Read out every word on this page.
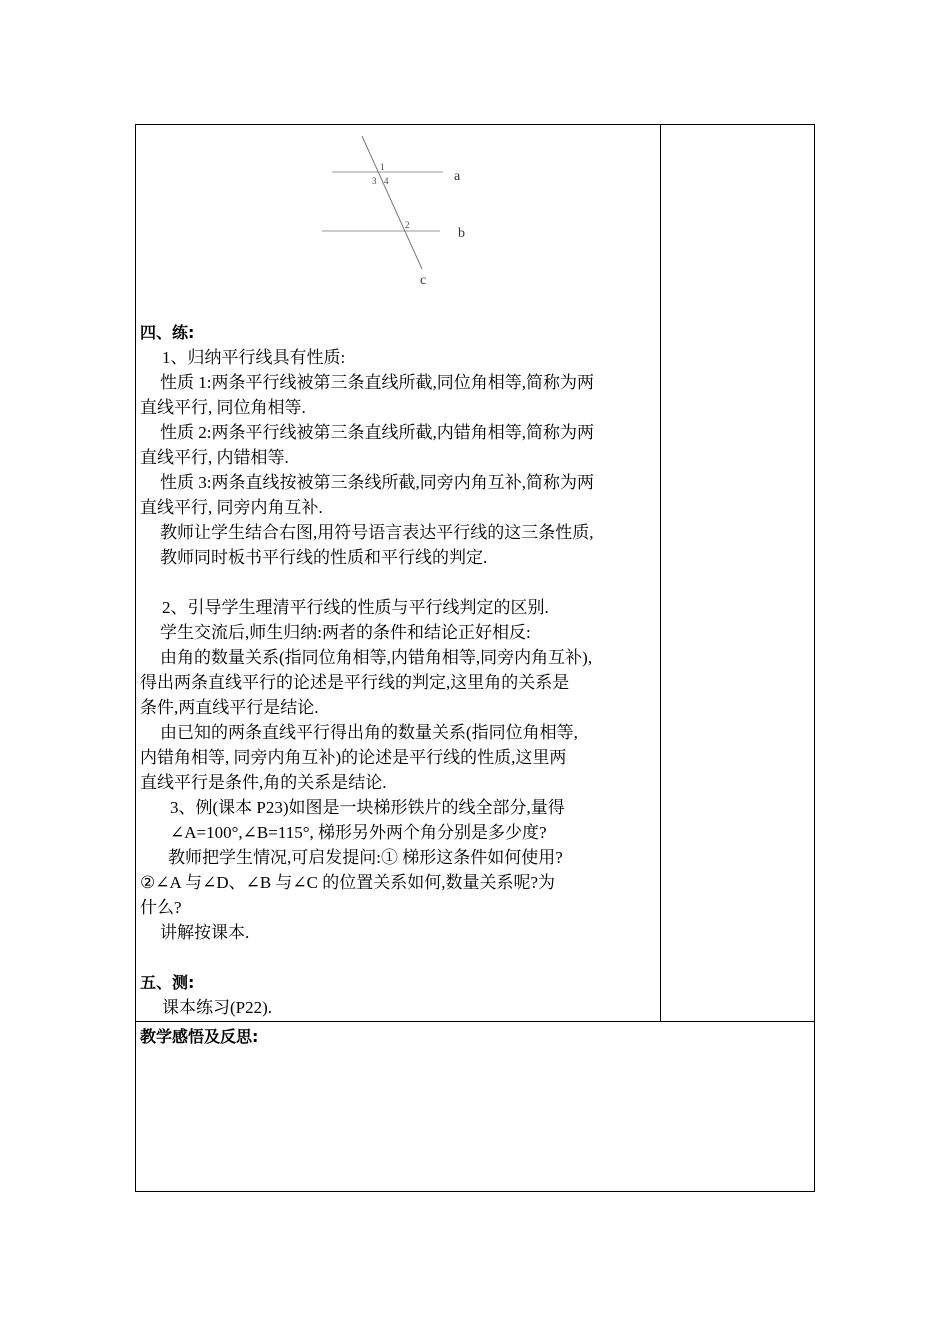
1
3 4
2
a
b
c
四、练:
1、归纳平行线具有性质:
性质 1:两条平行线被第三条直线所截,同位角相等,简称为两
直线平行, 同位角相等.
性质 2:两条平行线被第三条直线所截,内错角相等,简称为两
直线平行, 内错相等.
性质 3:两条直线按被第三条线所截,同旁内角互补,简称为两
直线平行, 同旁内角互补.
教师让学生结合右图,用符号语言表达平行线的这三条性质,
教师同时板书平行线的性质和平行线的判定.
2、引导学生理清平行线的性质与平行线判定的区别.
学生交流后,师生归纳:两者的条件和结论正好相反:
由角的数量关系(指同位角相等,内错角相等,同旁内角互补),
得出两条直线平行的论述是平行线的判定,这里角的关系是
条件,两直线平行是结论.
由已知的两条直线平行得出角的数量关系(指同位角相等,
内错角相等, 同旁内角互补)的论述是平行线的性质,这里两
直线平行是条件,角的关系是结论.
3、例(课本 P23)如图是一块梯形铁片的线全部分,量得
∠A=100°,∠B=115°, 梯形另外两个角分别是多少度?
教师把学生情况,可启发提问:① 梯形这条件如何使用?
②∠A 与∠D、∠B 与∠C 的位置关系如何,数量关系呢?为
什么?
讲解按课本.
五、测:
课本练习(P22).
教学感悟及反思:
